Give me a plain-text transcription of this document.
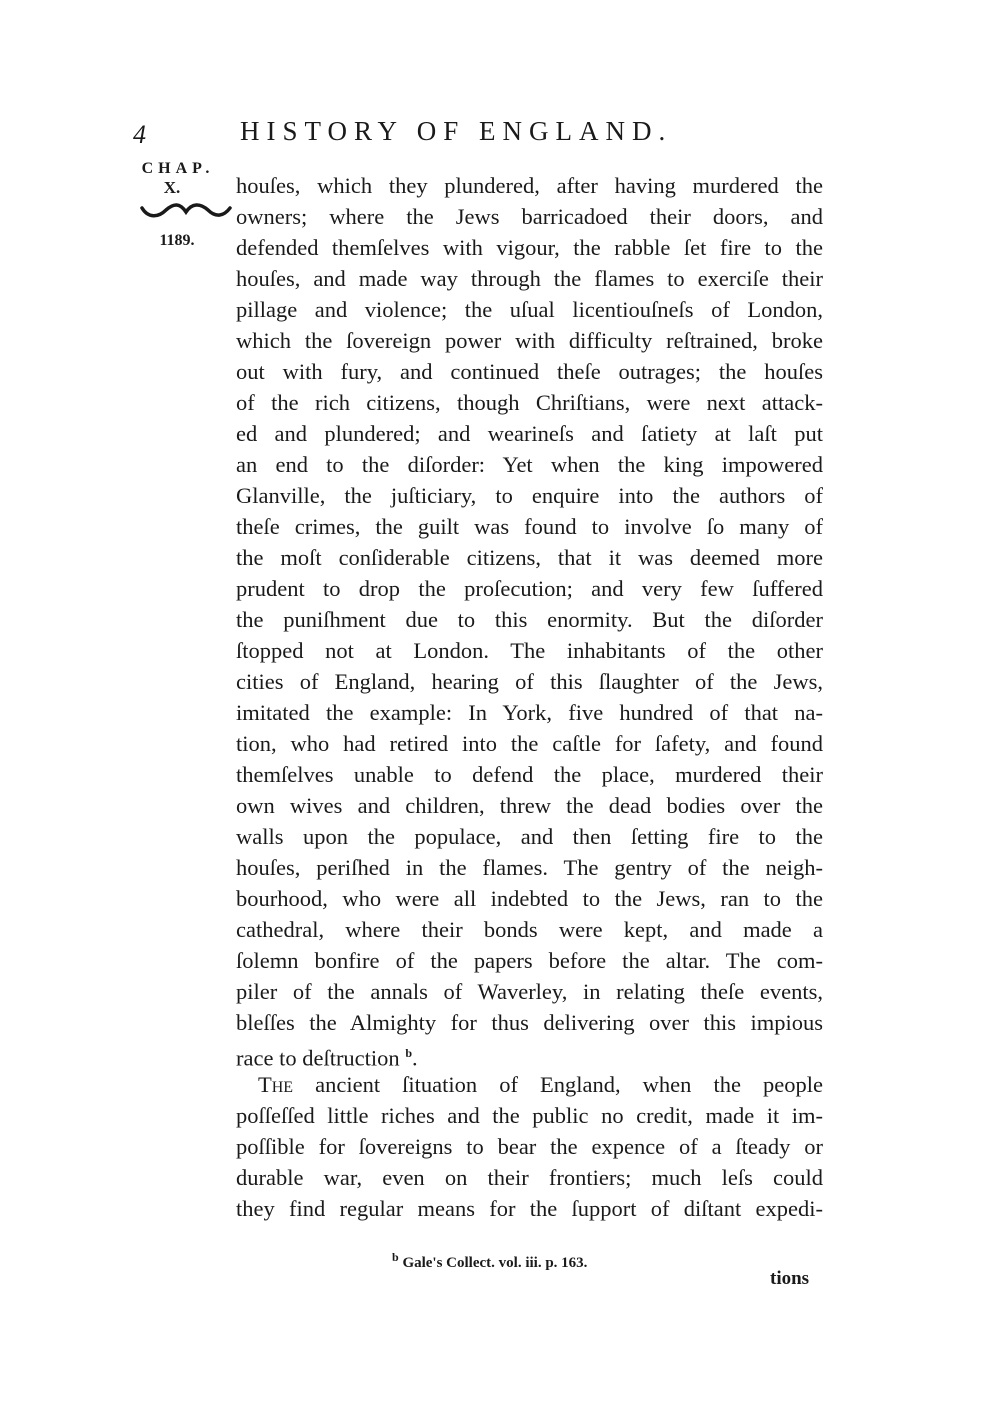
4	HISTORY OF ENGLAND.
CHAP.
X.
1189.
houſes, which they plundered, after having murdered the
owners; where the Jews barricadoed their doors, and
defended themſelves with vigour, the rabble ſet fire to the
houſes, and made way through the flames to exerciſe their
pillage and violence; the uſual licentiouſneſs of London,
which the ſovereign power with difficulty reſtrained, broke
out with fury, and continued theſe outrages; the houſes
of the rich citizens, though Chriſtians, were next attack-
ed and plundered; and wearineſs and ſatiety at laſt put
an end to the diſorder: Yet when the king impowered
Glanville, the juſticiary, to enquire into the authors of
theſe crimes, the guilt was found to involve ſo many of
the moſt conſiderable citizens, that it was deemed more
prudent to drop the proſecution; and very few ſuffered
the puniſhment due to this enormity. But the diſorder
ſtopped not at London. The inhabitants of the other
cities of England, hearing of this ſlaughter of the Jews,
imitated the example: In York, five hundred of that na-
tion, who had retired into the caſtle for ſafety, and found
themſelves unable to defend the place, murdered their
own wives and children, threw the dead bodies over the
walls upon the populace, and then ſetting fire to the
houſes, periſhed in the flames. The gentry of the neigh-
bourhood, who were all indebted to the Jews, ran to the
cathedral, where their bonds were kept, and made a
ſolemn bonfire of the papers before the altar. The com-
piler of the annals of Waverley, in relating theſe events,
bleſſes the Almighty for thus delivering over this impious
race to deſtruction $^b$.
The ancient ſituation of England, when the people
poſſeſſed little riches and the public no credit, made it im-
poſſible for ſovereigns to bear the expence of a ſteady or
durable war, even on their frontiers; much leſs could
they find regular means for the ſupport of diſtant expedi-
$^b$ Gale's Collect. vol. iii. p. 163.
tions
